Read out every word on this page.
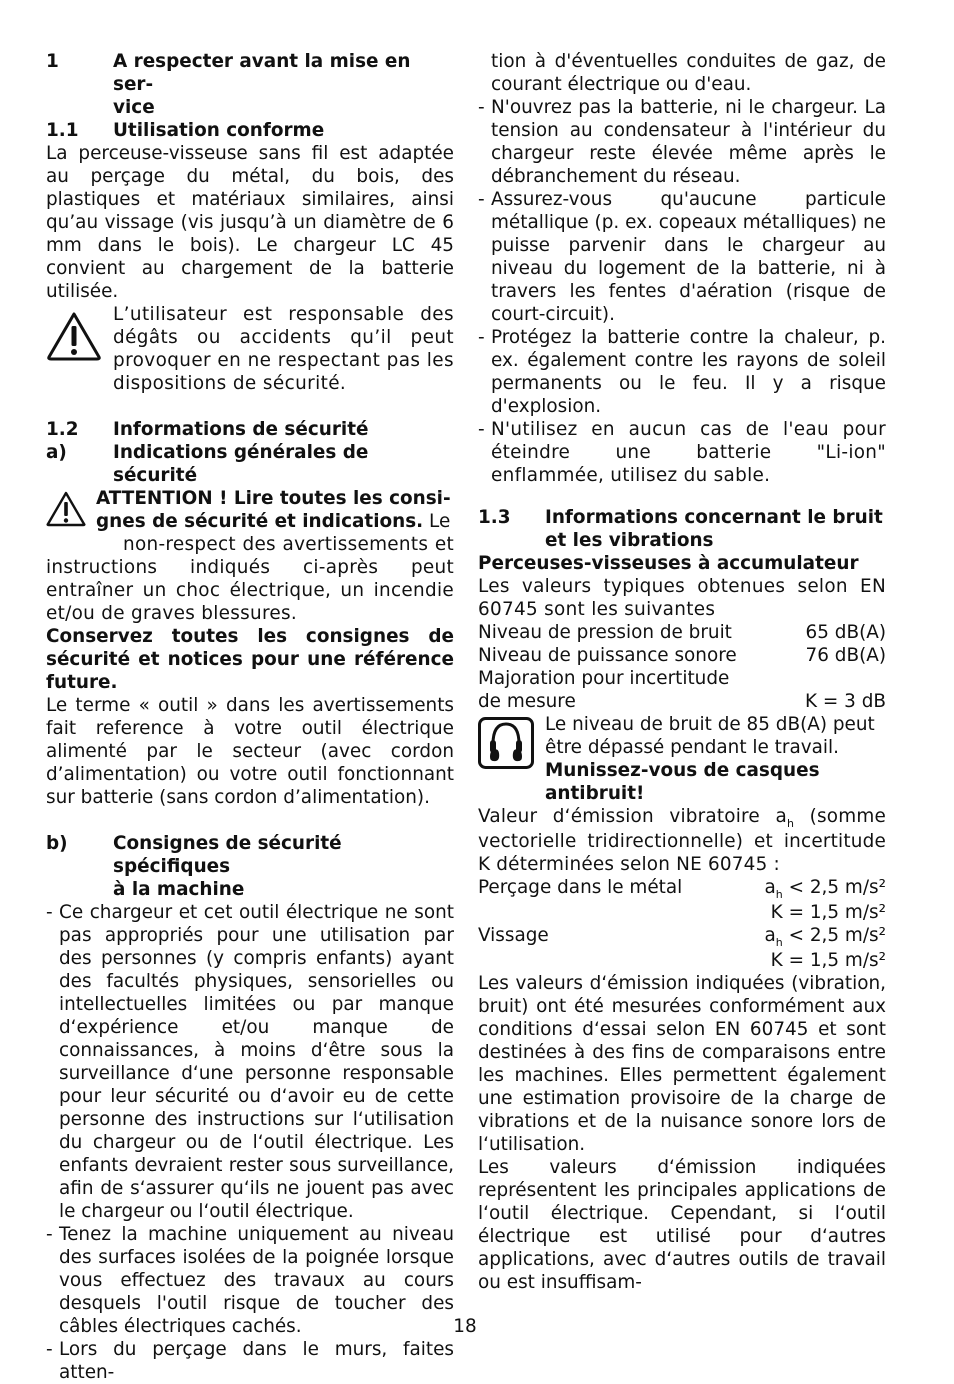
1	A respecter avant la mise en ser-
vice
1.1 Utilisation conforme
La perceuse-visseuse sans fil est adaptée au perçage du métal, du bois, des plastiques et matériaux similaires, ainsi qu’au vissage (vis jusqu’à un diamètre de 6 mm dans le bois). Le chargeur LC 45 convient au chargement de la batterie utilisée.
L’utilisateur est responsable des dégâts ou accidents qu’il peut provoquer en ne respectant pas les dispositions de sécurité.
1.2 Informations de sécurité
a)	Indications générales de sécurité
ATTENTION ! Lire toutes les consi-
gnes de sécurité et indications. Le
non-respect des avertissements et instructions indiqués ci-après peut entraîner un choc électrique, un incendie et/ou de graves blessures.
Conservez toutes les consignes de sécurité et notices pour une référence future.
Le terme « outil » dans les avertissements fait reference à votre outil électrique alimenté par le secteur (avec cordon d’alimentation) ou votre outil fonctionnant sur batterie (sans cordon d’alimentation).
b) Consignes de sécurité spécifiques
à la machine
- Ce chargeur et cet outil électrique ne sont pas appropriés pour une utilisation par des personnes (y compris enfants) ayant des facultés physiques, sensorielles ou intellectuelles limitées ou par manque d‘expérience et/ou manque de connaissances, à moins d‘être sous la surveillance d‘une personne responsable pour leur sécurité ou d‘avoir eu de cette personne des instructions sur l‘utilisation du chargeur ou de l‘outil électrique. Les enfants devraient rester sous surveillance, afin de s‘assurer qu‘ils ne jouent pas avec le chargeur ou l‘outil électrique.
- Tenez la machine uniquement au niveau des surfaces isolées de la poignée lorsque vous effectuez des travaux au cours desquels l'outil risque de toucher des câbles électriques cachés.
- Lors du perçage dans le murs, faites atten-
tion à d'éventuelles conduites de gaz, de courant électrique ou d'eau.
- N'ouvrez pas la batterie, ni le chargeur. La tension au condensateur à l'intérieur du chargeur reste élevée même après le débranchement du réseau.
- Assurez-vous qu'aucune particule métallique (p. ex. copeaux métalliques) ne puisse parvenir dans le chargeur au niveau du logement de la batterie, ni à travers les fentes d'aération (risque de court-circuit).
- Protégez la batterie contre la chaleur, p. ex. également contre les rayons de soleil permanents ou le feu. Il y a risque d'explosion.
- N'utilisez en aucun cas de l'eau pour éteindre une batterie "Li-ion" enflammée, utilisez du sable.
1.3 Informations concernant le bruit
et les vibrations
Perceuses-visseuses à accumulateur
Les valeurs typiques obtenues selon EN 60745 sont les suivantes
Niveau de pression de bruit	65 dB(A)
Niveau de puissance sonore	76 dB(A)
Majoration pour incertitude
de mesure	K = 3 dB
Le niveau de bruit de 85 dB(A) peut être dépassé pendant le travail.
Munissez-vous de casques antibruit!
Valeur d‘émission vibratoire $a_h$ (somme vectorielle tridirectionnelle) et incertitude K déterminées selon NE 60745 :
Perçage dans le métal	$a_h < 2,5$ m/s²
K = 1,5 m/s²
Vissage	$a_h < 2,5$ m/s²
K = 1,5 m/s²
Les valeurs d‘émission indiquées (vibration, bruit) ont été mesurées conformément aux conditions d‘essai selon EN 60745 et sont destinées à des fins de comparaisons entre les machines. Elles permettent également une estimation provisoire de la charge de vibrations et de la nuisance sonore lors de l‘utilisation.
Les valeurs d‘émission indiquées représentent les principales applications de l‘outil électrique. Cependant, si l‘outil électrique est utilisé pour d‘autres applications, avec d‘autres outils de travail ou est insuffisam-
18
